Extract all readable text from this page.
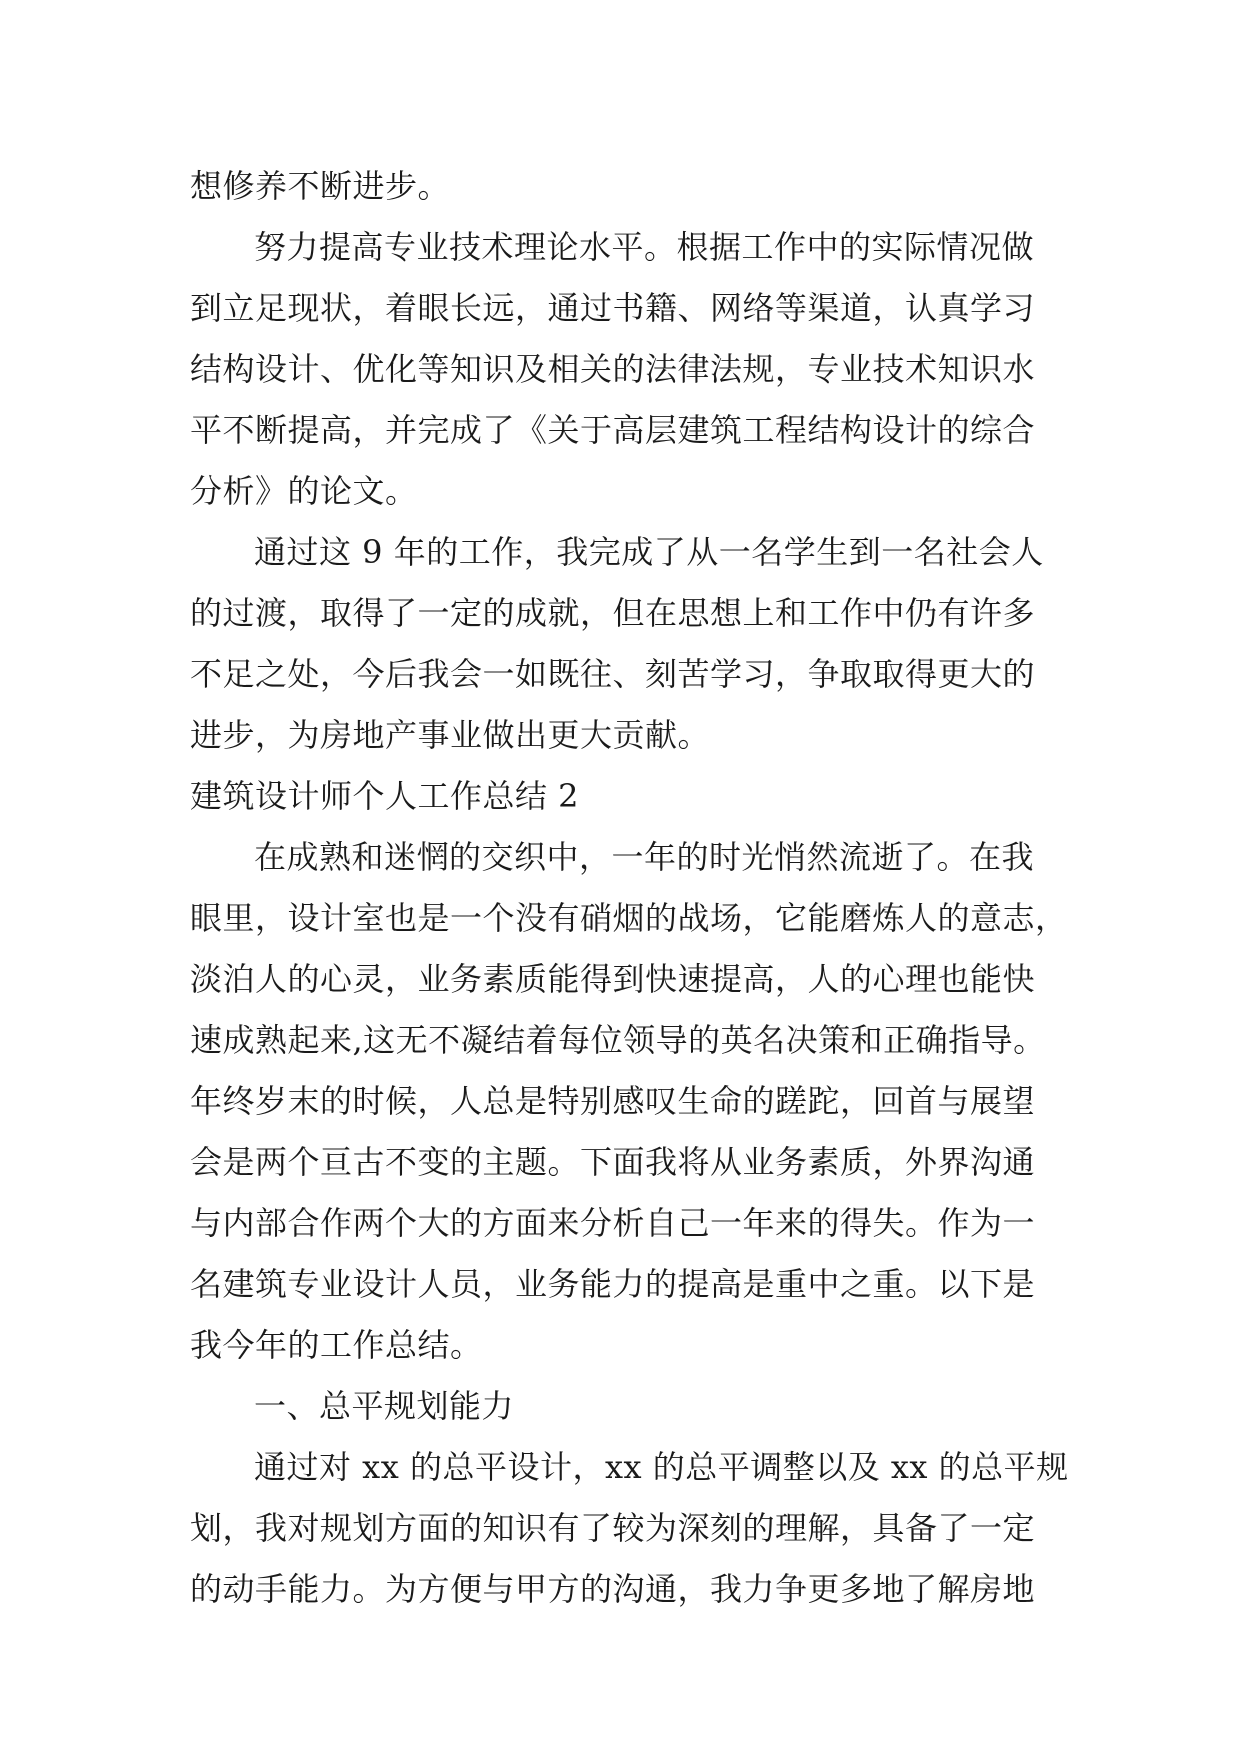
想修养不断进步。
努力提高专业技术理论水平。根据工作中的实际情况做
到立足现状，着眼长远，通过书籍、网络等渠道，认真学习
结构设计、优化等知识及相关的法律法规，专业技术知识水
平不断提高，并完成了《关于高层建筑工程结构设计的综合
分析》的论文。
通过这 9 年的工作，我完成了从一名学生到一名社会人
的过渡，取得了一定的成就，但在思想上和工作中仍有许多
不足之处，今后我会一如既往、刻苦学习，争取取得更大的
进步，为房地产事业做出更大贡献。
建筑设计师个人工作总结 2
在成熟和迷惘的交织中，一年的时光悄然流逝了。在我
眼里，设计室也是一个没有硝烟的战场，它能磨炼人的意志，
淡泊人的心灵，业务素质能得到快速提高，人的心理也能快
速成熟起来,这无不凝结着每位领导的英名决策和正确指导。
年终岁末的时候，人总是特别感叹生命的蹉跎，回首与展望
会是两个亘古不变的主题。下面我将从业务素质，外界沟通
与内部合作两个大的方面来分析自己一年来的得失。作为一
名建筑专业设计人员，业务能力的提高是重中之重。以下是
我今年的工作总结。
一、总平规划能力
通过对 xx 的总平设计，xx 的总平调整以及 xx 的总平规
划，我对规划方面的知识有了较为深刻的理解，具备了一定
的动手能力。为方便与甲方的沟通，我力争更多地了解房地
